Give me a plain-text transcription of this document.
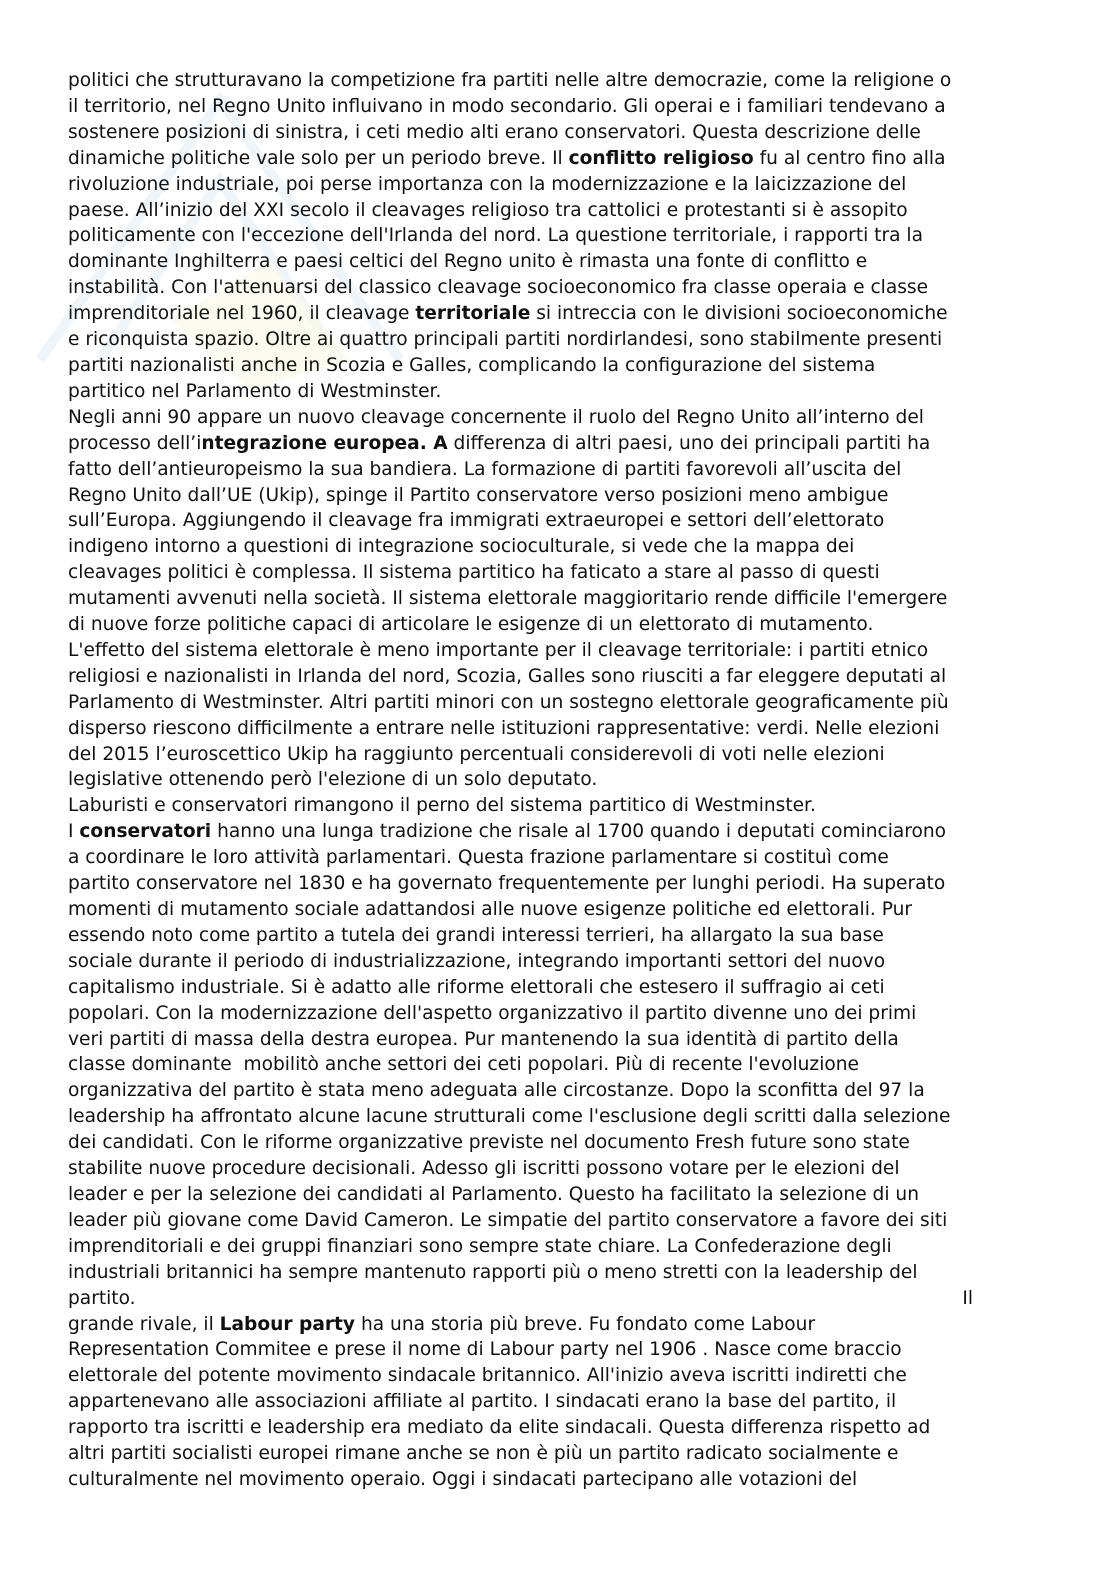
politici che strutturavano la competizione fra partiti nelle altre democrazie, come la religione o
il territorio, nel Regno Unito influivano in modo secondario. Gli operai e i familiari tendevano a
sostenere posizioni di sinistra, i ceti medio alti erano conservatori. Questa descrizione delle
dinamiche politiche vale solo per un periodo breve. Il conflitto religioso fu al centro fino alla
rivoluzione industriale, poi perse importanza con la modernizzazione e la laicizzazione del
paese. All’inizio del XXI secolo il cleavages religioso tra cattolici e protestanti si è assopito
politicamente con l'eccezione dell'Irlanda del nord. La questione territoriale, i rapporti tra la
dominante Inghilterra e paesi celtici del Regno unito è rimasta una fonte di conflitto e
instabilità. Con l'attenuarsi del classico cleavage socioeconomico fra classe operaia e classe
imprenditoriale nel 1960, il cleavage territoriale si intreccia con le divisioni socioeconomiche
e riconquista spazio. Oltre ai quattro principali partiti nordirlandesi, sono stabilmente presenti
partiti nazionalisti anche in Scozia e Galles, complicando la configurazione del sistema
partitico nel Parlamento di Westminster.
Negli anni 90 appare un nuovo cleavage concernente il ruolo del Regno Unito all’interno del
processo dell’integrazione europea. A differenza di altri paesi, uno dei principali partiti ha
fatto dell’antieuropeismo la sua bandiera. La formazione di partiti favorevoli all’uscita del
Regno Unito dall’UE (Ukip), spinge il Partito conservatore verso posizioni meno ambigue
sull’Europa. Aggiungendo il cleavage fra immigrati extraeuropei e settori dell’elettorato
indigeno intorno a questioni di integrazione socioculturale, si vede che la mappa dei
cleavages politici è complessa. Il sistema partitico ha faticato a stare al passo di questi
mutamenti avvenuti nella società. Il sistema elettorale maggioritario rende difficile l'emergere
di nuove forze politiche capaci di articolare le esigenze di un elettorato di mutamento.
L'effetto del sistema elettorale è meno importante per il cleavage territoriale: i partiti etnico
religiosi e nazionalisti in Irlanda del nord, Scozia, Galles sono riusciti a far eleggere deputati al
Parlamento di Westminster. Altri partiti minori con un sostegno elettorale geograficamente più
disperso riescono difficilmente a entrare nelle istituzioni rappresentative: verdi. Nelle elezioni
del 2015 l’euroscettico Ukip ha raggiunto percentuali considerevoli di voti nelle elezioni
legislative ottenendo però l'elezione di un solo deputato.
Laburisti e conservatori rimangono il perno del sistema partitico di Westminster.
I conservatori hanno una lunga tradizione che risale al 1700 quando i deputati cominciarono
a coordinare le loro attività parlamentari. Questa frazione parlamentare si costituì come
partito conservatore nel 1830 e ha governato frequentemente per lunghi periodi. Ha superato
momenti di mutamento sociale adattandosi alle nuove esigenze politiche ed elettorali. Pur
essendo noto come partito a tutela dei grandi interessi terrieri, ha allargato la sua base
sociale durante il periodo di industrializzazione, integrando importanti settori del nuovo
capitalismo industriale. Si è adatto alle riforme elettorali che estesero il suffragio ai ceti
popolari. Con la modernizzazione dell'aspetto organizzativo il partito divenne uno dei primi
veri partiti di massa della destra europea. Pur mantenendo la sua identità di partito della
classe dominante  mobilitò anche settori dei ceti popolari. Più di recente l'evoluzione
organizzativa del partito è stata meno adeguata alle circostanze. Dopo la sconfitta del 97 la
leadership ha affrontato alcune lacune strutturali come l'esclusione degli scritti dalla selezione
dei candidati. Con le riforme organizzative previste nel documento Fresh future sono state
stabilite nuove procedure decisionali. Adesso gli iscritti possono votare per le elezioni del
leader e per la selezione dei candidati al Parlamento. Questo ha facilitato la selezione di un
leader più giovane come David Cameron. Le simpatie del partito conservatore a favore dei siti
imprenditoriali e dei gruppi finanziari sono sempre state chiare. La Confederazione degli
industriali britannici ha sempre mantenuto rapporti più o meno stretti con la leadership del
partito.	Il
grande rivale, il Labour party ha una storia più breve. Fu fondato come Labour
Representation Commitee e prese il nome di Labour party nel 1906 . Nasce come braccio
elettorale del potente movimento sindacale britannico. All'inizio aveva iscritti indiretti che
appartenevano alle associazioni affiliate al partito. I sindacati erano la base del partito, il
rapporto tra iscritti e leadership era mediato da elite sindacali. Questa differenza rispetto ad
altri partiti socialisti europei rimane anche se non è più un partito radicato socialmente e
culturalmente nel movimento operaio. Oggi i sindacati partecipano alle votazioni del
